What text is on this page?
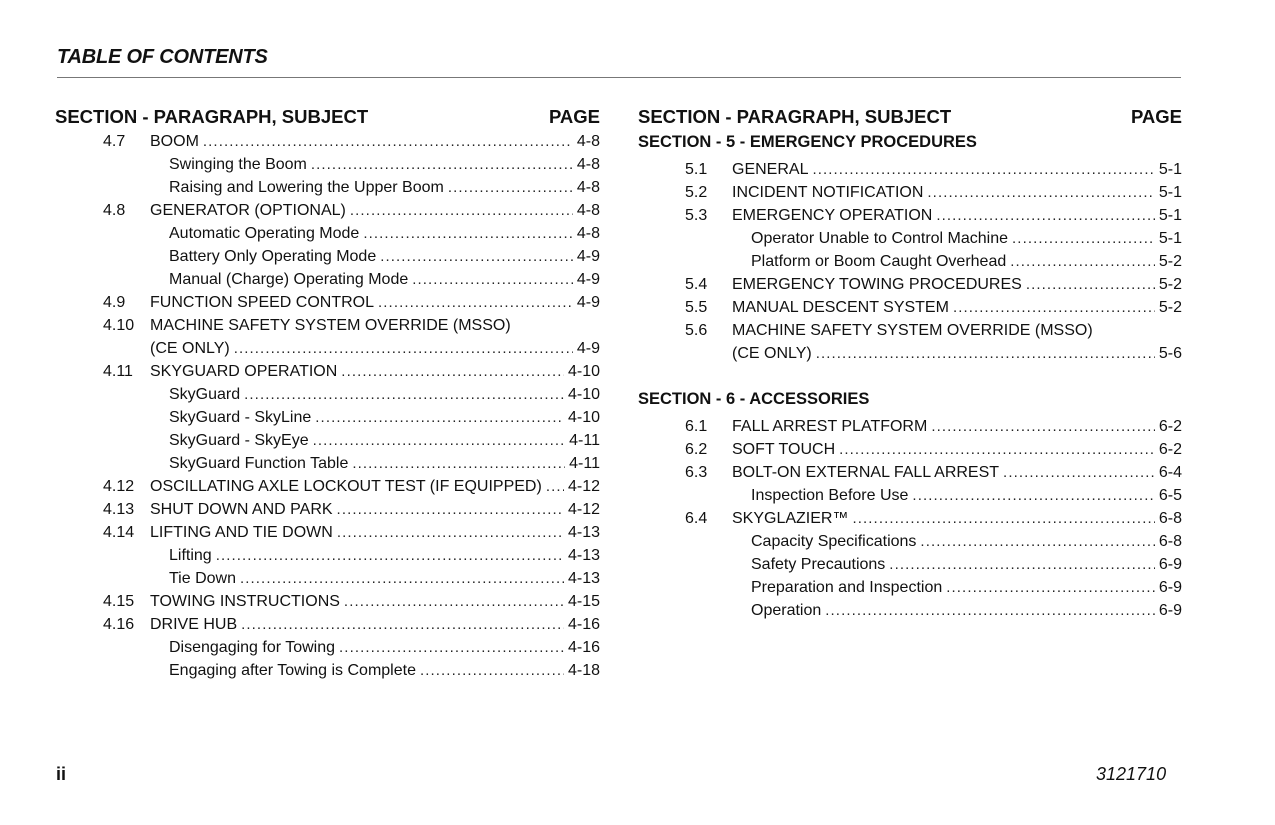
TABLE OF CONTENTS
SECTION - PARAGRAPH, SUBJECT	PAGE
4.7	BOOM .....	4-8
Swinging the Boom .....	4-8
Raising and Lowering the Upper Boom .....	4-8
4.8	GENERATOR (OPTIONAL) .....	4-8
Automatic Operating Mode .....	4-8
Battery Only Operating Mode .....	4-9
Manual (Charge) Operating Mode .....	4-9
4.9	FUNCTION SPEED CONTROL .....	4-9
4.10 MACHINE SAFETY SYSTEM OVERRIDE (MSSO)
(CE ONLY) .....	4-9
4.11	SKYGUARD OPERATION .....	4-10
SkyGuard .....	4-10
SkyGuard - SkyLine .....	4-10
SkyGuard - SkyEye .....	4-11
SkyGuard Function Table .....	4-11
4.12 OSCILLATING AXLE LOCKOUT TEST (IF EQUIPPED) ..... 4-12
4.13 SHUT DOWN AND PARK .....	4-12
4.14 LIFTING AND TIE DOWN .....	4-13
Lifting .....	4-13
Tie Down .....	4-13
4.15 TOWING INSTRUCTIONS .....	4-15
4.16 DRIVE HUB .....	4-16
Disengaging for Towing .....	4-16
Engaging after Towing is Complete .....	4-18
SECTION - PARAGRAPH, SUBJECT	PAGE
SECTION - 5 - EMERGENCY PROCEDURES
5.1	GENERAL .....	5-1
5.2	INCIDENT NOTIFICATION .....	5-1
5.3	EMERGENCY OPERATION .....	5-1
Operator Unable to Control Machine .....	5-1
Platform or Boom Caught Overhead .....	5-2
5.4	EMERGENCY TOWING PROCEDURES .....	5-2
5.5	MANUAL DESCENT SYSTEM .....	5-2
5.6	MACHINE SAFETY SYSTEM OVERRIDE (MSSO)
(CE ONLY) .....	5-6
SECTION - 6 - ACCESSORIES
6.1	FALL ARREST PLATFORM .....	6-2
6.2	SOFT TOUCH .....	6-2
6.3	BOLT-ON EXTERNAL FALL ARREST .....	6-4
Inspection Before Use .....	6-5
6.4	SKYGLAZIER™ .....	6-8
Capacity Specifications .....	6-8
Safety Precautions .....	6-9
Preparation and Inspection .....	6-9
Operation .....	6-9
ii	3121710
